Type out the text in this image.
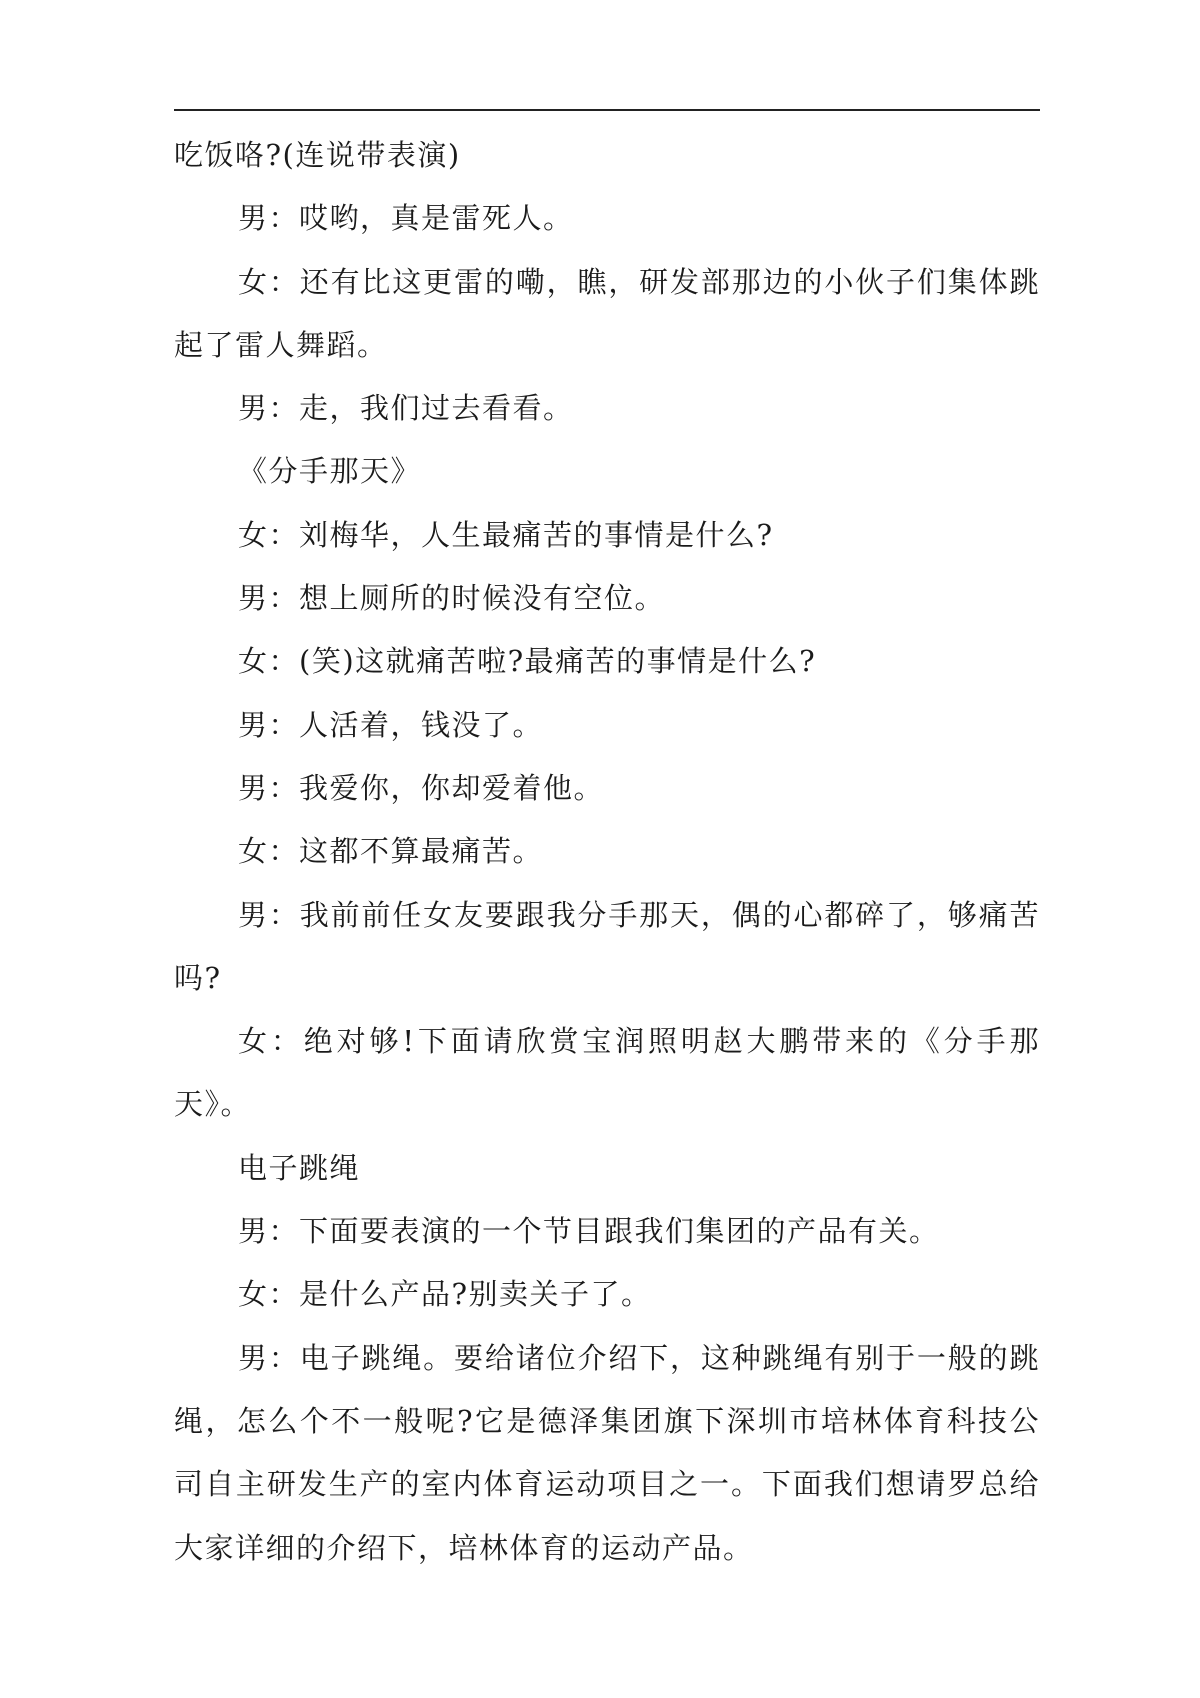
吃饭咯?(连说带表演)

男：哎哟，真是雷死人。

女：还有比这更雷的嘞，瞧，研发部那边的小伙子们集体跳起了雷人舞蹈。

男：走，我们过去看看。

《分手那天》

女：刘梅华，人生最痛苦的事情是什么?

男：想上厕所的时候没有空位。

女：(笑)这就痛苦啦?最痛苦的事情是什么?

男：人活着，钱没了。

男：我爱你，你却爱着他。

女：这都不算最痛苦。

男：我前前任女友要跟我分手那天，偶的心都碎了，够痛苦吗?

女：绝对够!下面请欣赏宝润照明赵大鹏带来的《分手那天》。

电子跳绳

男：下面要表演的一个节目跟我们集团的产品有关。

女：是什么产品?别卖关子了。

男：电子跳绳。要给诸位介绍下，这种跳绳有别于一般的跳绳，怎么个不一般呢?它是德泽集团旗下深圳市培林体育科技公司自主研发生产的室内体育运动项目之一。下面我们想请罗总给大家详细的介绍下，培林体育的运动产品。
